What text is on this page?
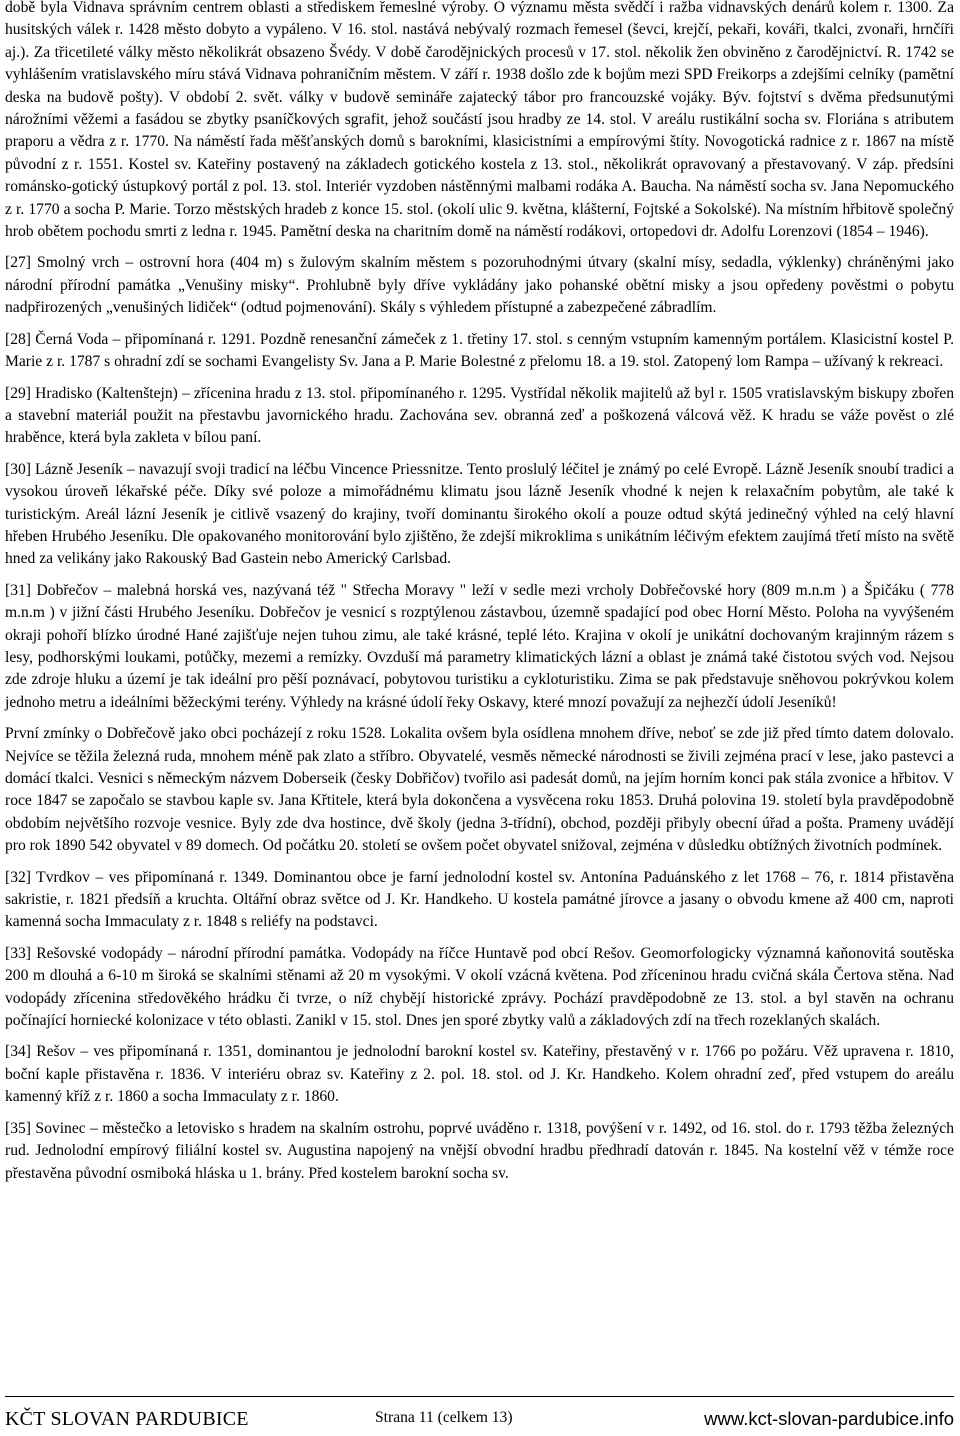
době byla Vidnava správním centrem oblasti a střediskem řemeslné výroby. O významu města svědčí i ražba vidnavských denárů kolem r. 1300. Za husitských válek r. 1428 město dobyto a vypáleno. V 16. stol. nastává nebývalý rozmach řemesel (ševci, krejčí, pekaři, kováři, tkalci, zvonaři, hrnčíři aj.). Za třicetileté války město několikrát obsazeno Švédy. V době čarodějnických procesů v 17. stol. několik žen obviněno z čarodějnictví. R. 1742 se vyhlášením vratislavského míru stává Vidnava pohraničním městem. V září r. 1938 došlo zde k bojům mezi SPD Freikorps a zdejšími celníky (pamětní deska na budově pošty). V období 2. svět. války v budově semináře zajatecký tábor pro francouzské vojáky. Býv. fojtství s dvěma předsunutými nárožními věžemi a fasádou se zbytky psaníčkových sgrafit, jehož součástí jsou hradby ze 14. stol. V areálu rustikální socha sv. Floriána s atributem praporu a vědra z r. 1770. Na náměstí řada měšťanských domů s barokními, klasicistními a empírovými štíty. Novogotická radnice z r. 1867 na místě původní z r. 1551. Kostel sv. Kateřiny postavený na základech gotického kostela z 13. stol., několikrát opravovaný a přestavovaný. V záp. předsíni románsko-gotický ústupkový portál z pol. 13. stol. Interiér vyzdoben nástěnnými malbami rodáka A. Baucha. Na náměstí socha sv. Jana Nepomuckého z r. 1770 a socha P. Marie. Torzo městských hradeb z konce 15. stol. (okolí ulic 9. května, klášterní, Fojtské a Sokolské). Na místním hřbitově společný hrob obětem pochodu smrti z ledna r. 1945. Pamětní deska na charitním domě na náměstí rodákovi, ortopedovi dr. Adolfu Lorenzovi (1854 – 1946).

[27] Smolný vrch – ostrovní hora (404 m) s žulovým skalním městem s pozoruhodnými útvary (skalní mísy, sedadla, výklenky) chráněnými jako národní přírodní památka „Venušiny misky“. Prohlubně byly dříve vykládány jako pohanské obětní misky a jsou opředeny pověstmi o pobytu nadpřirozených „venušiných lidiček“ (odtud pojmenování). Skály s výhledem přístupné a zabezpečené zábradlím.

[28] Černá Voda – připomínaná r. 1291. Pozdně renesanční zámeček z 1. třetiny 17. stol. s cenným vstupním kamenným portálem. Klasicistní kostel P. Marie z r. 1787 s ohradní zdí se sochami Evangelisty Sv. Jana a P. Marie Bolestné z přelomu 18. a 19. stol. Zatopený lom Rampa – užívaný k rekreaci.

[29] Hradisko (Kaltenštejn) – zřícenina hradu z 13. stol. připomínaného r. 1295. Vystřídal několik majitelů až byl r. 1505 vratislavským biskupy zbořen a stavební materiál použit na přestavbu javornického hradu. Zachována sev. obranná zeď a poškozená válcová věž. K hradu se váže pověst o zlé hraběnce, která byla zakleta v bílou paní.

[30] Lázně Jeseník – navazují svoji tradicí na léčbu Vincence Priessnitze. Tento proslulý léčitel je známý po celé Evropě. Lázně Jeseník snoubí tradici a vysokou úroveň lékařské péče. Díky své poloze a mimořádnému klimatu jsou lázně Jeseník vhodné k nejen k relaxačním pobytům, ale také k turistickým. Areál lázní Jeseník je citlivě vsazený do krajiny, tvoří dominantu širokého okolí a pouze odtud skýtá jedinečný výhled na celý hlavní hřeben Hrubého Jeseníku. Dle opakovaného monitorování bylo zjištěno, že zdejší mikroklima s unikátním léčivým efektem zaujímá třetí místo na světě hned za velikány jako Rakouský Bad Gastein nebo Americký Carlsbad.

[31] Dobřečov – malebná horská ves, nazývaná též " Střecha Moravy " leží v sedle mezi vrcholy Dobřečovské hory (809 m.n.m ) a Špičáku ( 778 m.n.m ) v jižní části Hrubého Jeseníku. Dobřečov je vesnicí s rozptýlenou zástavbou, územně spadající pod obec Horní Město. Poloha na vyvýšeném okraji pohoří blízko úrodné Hané zajišťuje nejen tuhou zimu, ale také krásné, teplé léto. Krajina v okolí je unikátní dochovaným krajinným rázem s lesy, podhorskými loukami, potůčky, mezemi a remízky. Ovzduší má parametry klimatických lázní a oblast je známá také čistotou svých vod. Nejsou zde zdroje hluku a území je tak ideální pro pěší poznávací, pobytovou turistiku a cykloturistiku. Zima se pak představuje sněhovou pokrývkou kolem jednoho metru a ideálními běžeckými terény. Výhledy na krásné údolí řeky Oskavy, které mnozí považují za nejhezčí údolí Jeseníků!

První zmínky o Dobřečově jako obci pocházejí z roku 1528. Lokalita ovšem byla osídlena mnohem dříve, neboť se zde již před tímto datem dolovalo. Nejvíce se těžila železná ruda, mnohem méně pak zlato a stříbro. Obyvatelé, vesměs německé národnosti se živili zejména prací v lese, jako pastevci a domácí tkalci. Vesnici s německým názvem Doberseik (česky Dobřičov) tvořilo asi padesát domů, na jejím horním konci pak stála zvonice a hřbitov. V roce 1847 se započalo se stavbou kaple sv. Jana Křtitele, která byla dokončena a vysvěcena roku 1853. Druhá polovina 19. století byla pravděpodobně obdobím největšího rozvoje vesnice. Byly zde dva hostince, dvě školy (jedna 3-třídní), obchod, později přibyly obecní úřad a pošta. Prameny uvádějí pro rok 1890 542 obyvatel v 89 domech. Od počátku 20. století se ovšem počet obyvatel snižoval, zejména v důsledku obtížných životních podmínek.

[32] Tvrdkov – ves připomínaná r. 1349. Dominantou obce je farní jednolodní kostel sv. Antonína Paduánského z let 1768 – 76, r. 1814 přistavěna sakristie, r. 1821 předsíň a kruchta. Oltářní obraz světce od J. Kr. Handkeho. U kostela památné jírovce a jasany o obvodu kmene až 400 cm, naproti kamenná socha Immaculaty z r. 1848 s reliéfy na podstavci.

[33] Rešovské vodopády – národní přírodní památka. Vodopády na říčce Huntavě pod obcí Rešov. Geomorfologicky významná kaňonovitá soutěska 200 m dlouhá a 6-10 m široká se skalními stěnami až 20 m vysokými. V okolí vzácná květena. Pod zříceninou hradu cvičná skála Čertova stěna. Nad vodopády zřícenina středověkého hrádku či tvrze, o níž chybějí historické zprávy. Pochází pravděpodobně ze 13. stol. a byl stavěn na ochranu počínající horniecké kolonizace v této oblasti. Zanikl v 15. stol. Dnes jen sporé zbytky valů a základových zdí na třech rozeklaných skalách.

[34] Rešov – ves připomínaná r. 1351, dominantou je jednolodní barokní kostel sv. Kateřiny, přestavěný v r. 1766 po požáru. Věž upravena r. 1810, boční kaple přistavěna r. 1836. V interiéru obraz sv. Kateřiny z 2. pol. 18. stol. od J. Kr. Handkeho. Kolem ohradní zeď, před vstupem do areálu kamenný kříž z r. 1860 a socha Immaculaty z r. 1860.

[35] Sovinec – městečko a letovisko s hradem na skalním ostrohu, poprvé uváděno r. 1318, povýšení v r. 1492, od 16. stol. do r. 1793 těžba železných rud. Jednolodní empírový filiální kostel sv. Augustina napojený na vnější obvodní hradbu předhradí datován r. 1845. Na kostelní věž v témže roce přestavěna původní osmiboká hláska u 1. brány. Před kostelem barokní socha sv.

KČT SLOVAN PARDUBICE	Strana 11 (celkem 13)	www.kct-slovan-pardubice.info
